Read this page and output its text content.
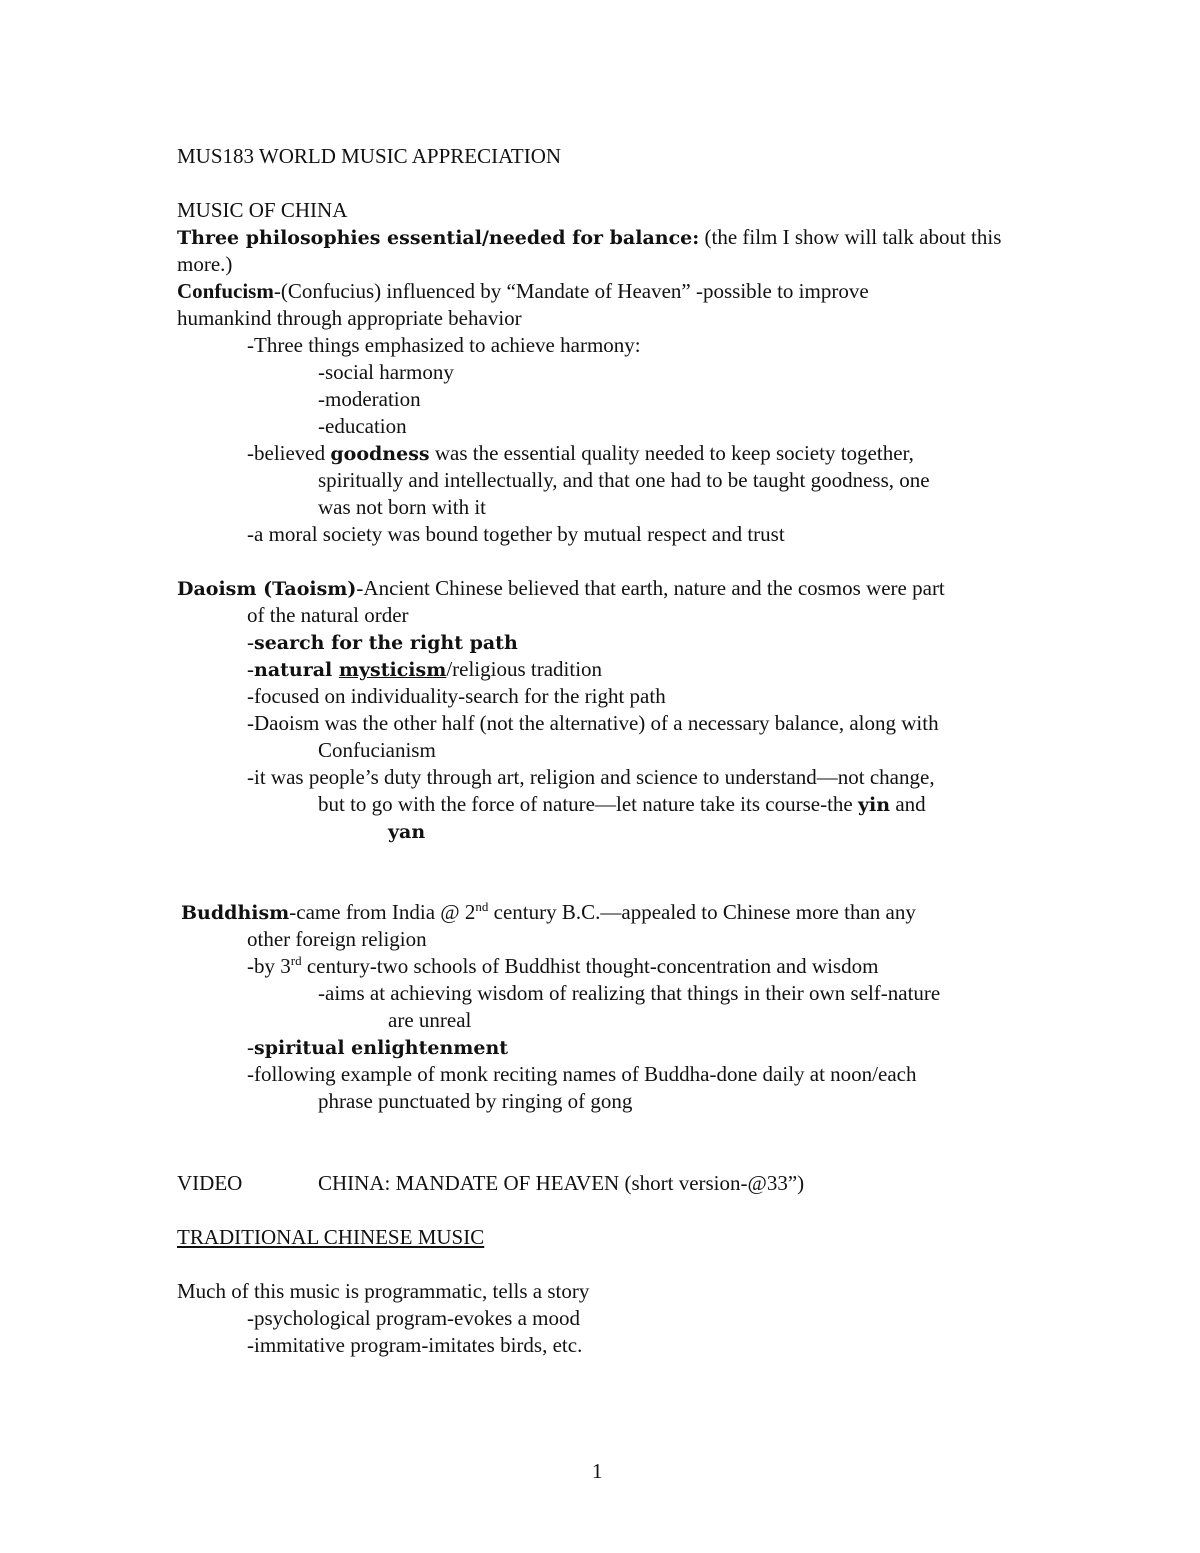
MUS183 WORLD MUSIC APPRECIATION
MUSIC OF CHINA
Three philosophies essential/needed for balance: (the film I show will talk about this
more.)
Confucism-(Confucius) influenced by “Mandate of Heaven” -possible to improve
humankind through appropriate behavior
-Three things emphasized to achieve harmony:
-social harmony
-moderation
-education
-believed goodness was the essential quality needed to keep society together,
spiritually and intellectually, and that one had to be taught goodness, one
was not born with it
-a moral society was bound together by mutual respect and trust
Daoism (Taoism)-Ancient Chinese believed that earth, nature and the cosmos were part
of the natural order
-search for the right path
-natural mysticism/religious tradition
-focused on individuality-search for the right path
-Daoism was the other half (not the alternative) of a necessary balance, along with
Confucianism
-it was people’s duty through art, religion and science to understand—not change,
but to go with the force of nature—let nature take its course-the yin and
yan
Buddhism-came from India @ 2nd century B.C.—appealed to Chinese more than any
other foreign religion
-by 3rd century-two schools of Buddhist thought-concentration and wisdom
-aims at achieving wisdom of realizing that things in their own self-nature
are unreal
-spiritual enlightenment
-following example of monk reciting names of Buddha-done daily at noon/each
phrase punctuated by ringing of gong
VIDEO	CHINA: MANDATE OF HEAVEN (short version-@33”)
TRADITIONAL CHINESE MUSIC
Much of this music is programmatic, tells a story
-psychological program-evokes a mood
-immitative program-imitates birds, etc.
1
